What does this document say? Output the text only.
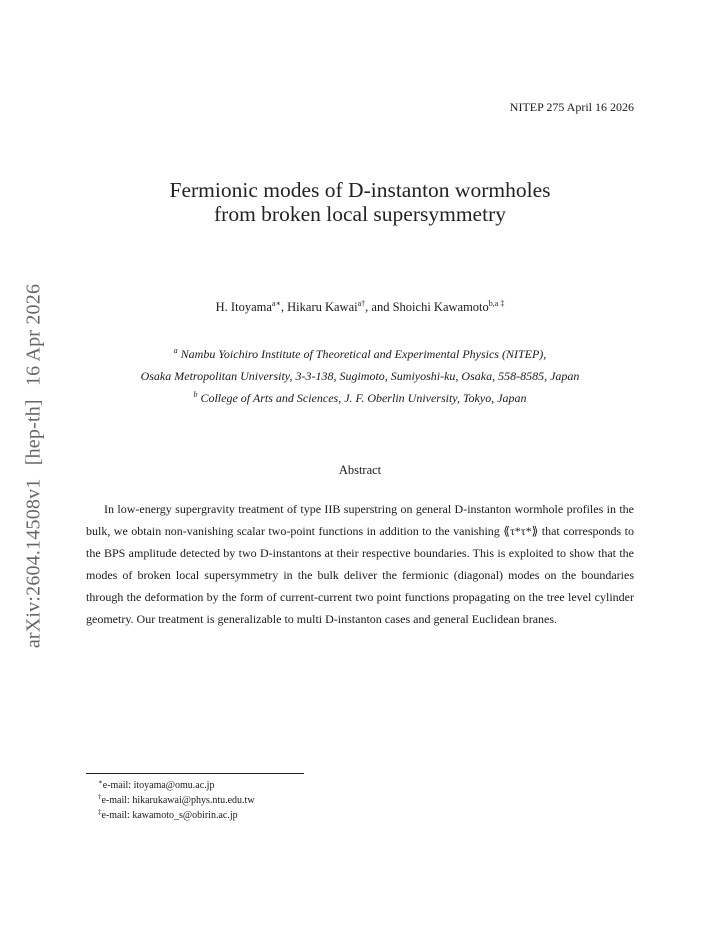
arXiv:2604.14508v1 [hep-th] 16 Apr 2026
NITEP 275 April 16 2026
Fermionic modes of D-instanton wormholes
from broken local supersymmetry
H. Itoyama$^{a∗}$, Hikaru Kawai$^{a\dagger}$, and Shoichi Kawamoto$^{b,a \ddagger}$
$^a$ Nambu Yoichiro Institute of Theoretical and Experimental Physics (NITEP),
Osaka Metropolitan University, 3-3-138, Sugimoto, Sumiyoshi-ku, Osaka, 558-8585, Japan
$^b$ College of Arts and Sciences, J. F. Oberlin University, Tokyo, Japan
Abstract

In low-energy supergravity treatment of type IIB superstring on general D-instanton wormhole profiles in the bulk, we obtain non-vanishing scalar two-point functions in addition to the vanishing ⟪τ*τ*⟫ that corresponds to the BPS amplitude detected by two D-instantons at their respective boundaries. This is exploited to show that the modes of broken local supersymmetry in the bulk deliver the fermionic (diagonal) modes on the boundaries through the deformation by the form of current-current two point functions propagating on the tree level cylinder geometry. Our treatment is generalizable to multi D-instanton cases and general Euclidean branes.

∗e-mail: itoyama@omu.ac.jp
†e-mail: hikarukawai@phys.ntu.edu.tw
‡e-mail: kawamoto_s@obirin.ac.jp
